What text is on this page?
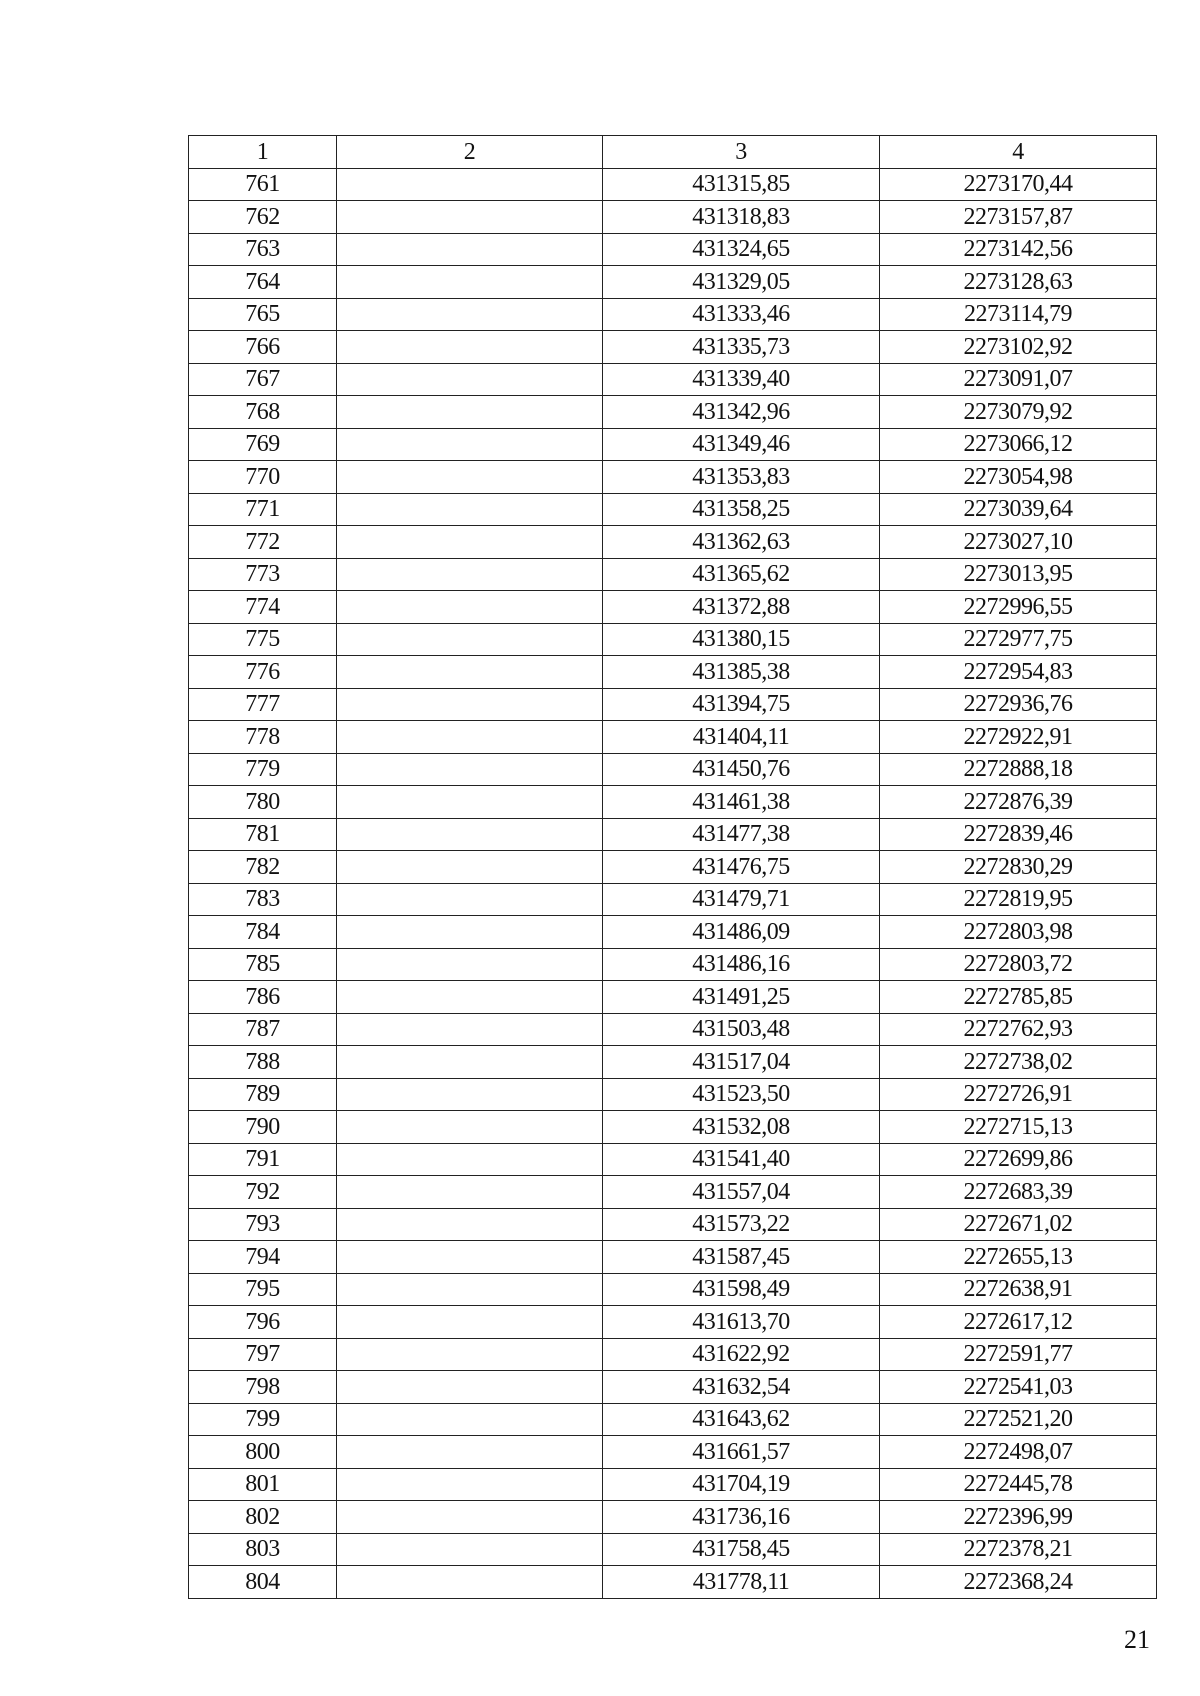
1	2	3	4
761		431315,85	2273170,44
762		431318,83	2273157,87
763		431324,65	2273142,56
764		431329,05	2273128,63
765		431333,46	2273114,79
766		431335,73	2273102,92
767		431339,40	2273091,07
768		431342,96	2273079,92
769		431349,46	2273066,12
770		431353,83	2273054,98
771		431358,25	2273039,64
772		431362,63	2273027,10
773		431365,62	2273013,95
774		431372,88	2272996,55
775		431380,15	2272977,75
776		431385,38	2272954,83
777		431394,75	2272936,76
778		431404,11	2272922,91
779		431450,76	2272888,18
780		431461,38	2272876,39
781		431477,38	2272839,46
782		431476,75	2272830,29
783		431479,71	2272819,95
784		431486,09	2272803,98
785		431486,16	2272803,72
786		431491,25	2272785,85
787		431503,48	2272762,93
788		431517,04	2272738,02
789		431523,50	2272726,91
790		431532,08	2272715,13
791		431541,40	2272699,86
792		431557,04	2272683,39
793		431573,22	2272671,02
794		431587,45	2272655,13
795		431598,49	2272638,91
796		431613,70	2272617,12
797		431622,92	2272591,77
798		431632,54	2272541,03
799		431643,62	2272521,20
800		431661,57	2272498,07
801		431704,19	2272445,78
802		431736,16	2272396,99
803		431758,45	2272378,21
804		431778,11	2272368,24
21
